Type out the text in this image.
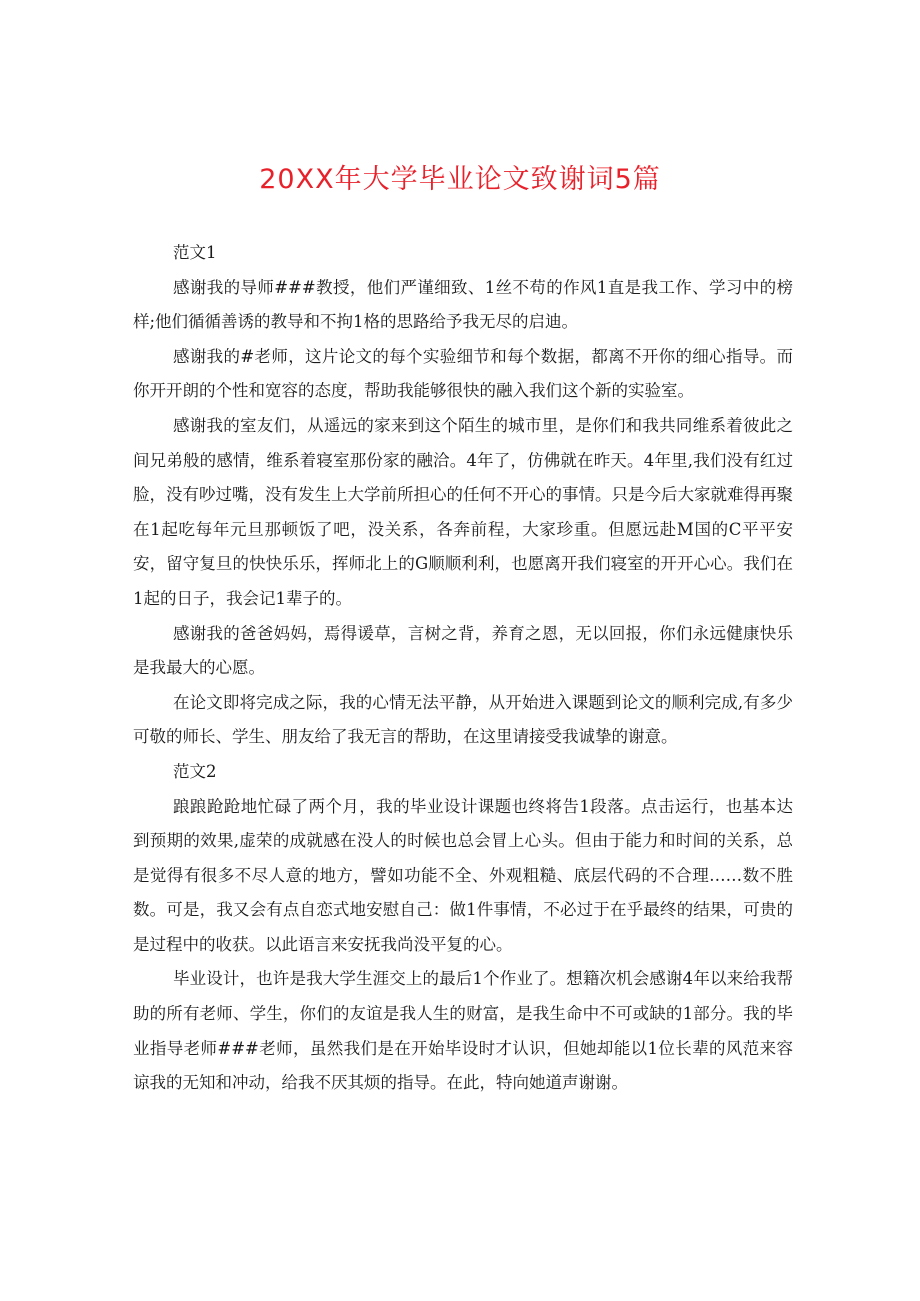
20XX年大学毕业论文致谢词5篇

范文1

感谢我的导师###教授，他们严谨细致、1丝不苟的作风1直是我工作、学习中的榜样;他们循循善诱的教导和不拘1格的思路给予我无尽的启迪。

感谢我的#老师，这片论文的每个实验细节和每个数据，都离不开你的细心指导。而你开开朗的个性和宽容的态度，帮助我能够很快的融入我们这个新的实验室。

感谢我的室友们，从遥远的家来到这个陌生的城市里，是你们和我共同维系着彼此之间兄弟般的感情，维系着寝室那份家的融洽。4年了，仿佛就在昨天。4年里,我们没有红过脸，没有吵过嘴，没有发生上大学前所担心的任何不开心的事情。只是今后大家就难得再聚在1起吃每年元旦那顿饭了吧，没关系，各奔前程，大家珍重。但愿远赴M国的C平平安安，留守复旦的快快乐乐，挥师北上的G顺顺利利，也愿离开我们寝室的开开心心。我们在1起的日子，我会记1辈子的。

感谢我的爸爸妈妈，焉得谖草，言树之背，养育之恩，无以回报，你们永远健康快乐是我最大的心愿。

在论文即将完成之际，我的心情无法平静，从开始进入课题到论文的顺利完成,有多少可敬的师长、学生、朋友给了我无言的帮助，在这里请接受我诚挚的谢意。

范文2

踉踉跄跄地忙碌了两个月，我的毕业设计课题也终将告1段落。点击运行，也基本达到预期的效果,虚荣的成就感在没人的时候也总会冒上心头。但由于能力和时间的关系，总是觉得有很多不尽人意的地方，譬如功能不全、外观粗糙、底层代码的不合理……数不胜数。可是，我又会有点自恋式地安慰自己：做1件事情，不必过于在乎最终的结果，可贵的是过程中的收获。以此语言来安抚我尚没平复的心。

毕业设计，也许是我大学生涯交上的最后1个作业了。想籍次机会感谢4年以来给我帮助的所有老师、学生，你们的友谊是我人生的财富，是我生命中不可或缺的1部分。我的毕业指导老师###老师，虽然我们是在开始毕设时才认识，但她却能以1位长辈的风范来容谅我的无知和冲动，给我不厌其烦的指导。在此，特向她道声谢谢。
